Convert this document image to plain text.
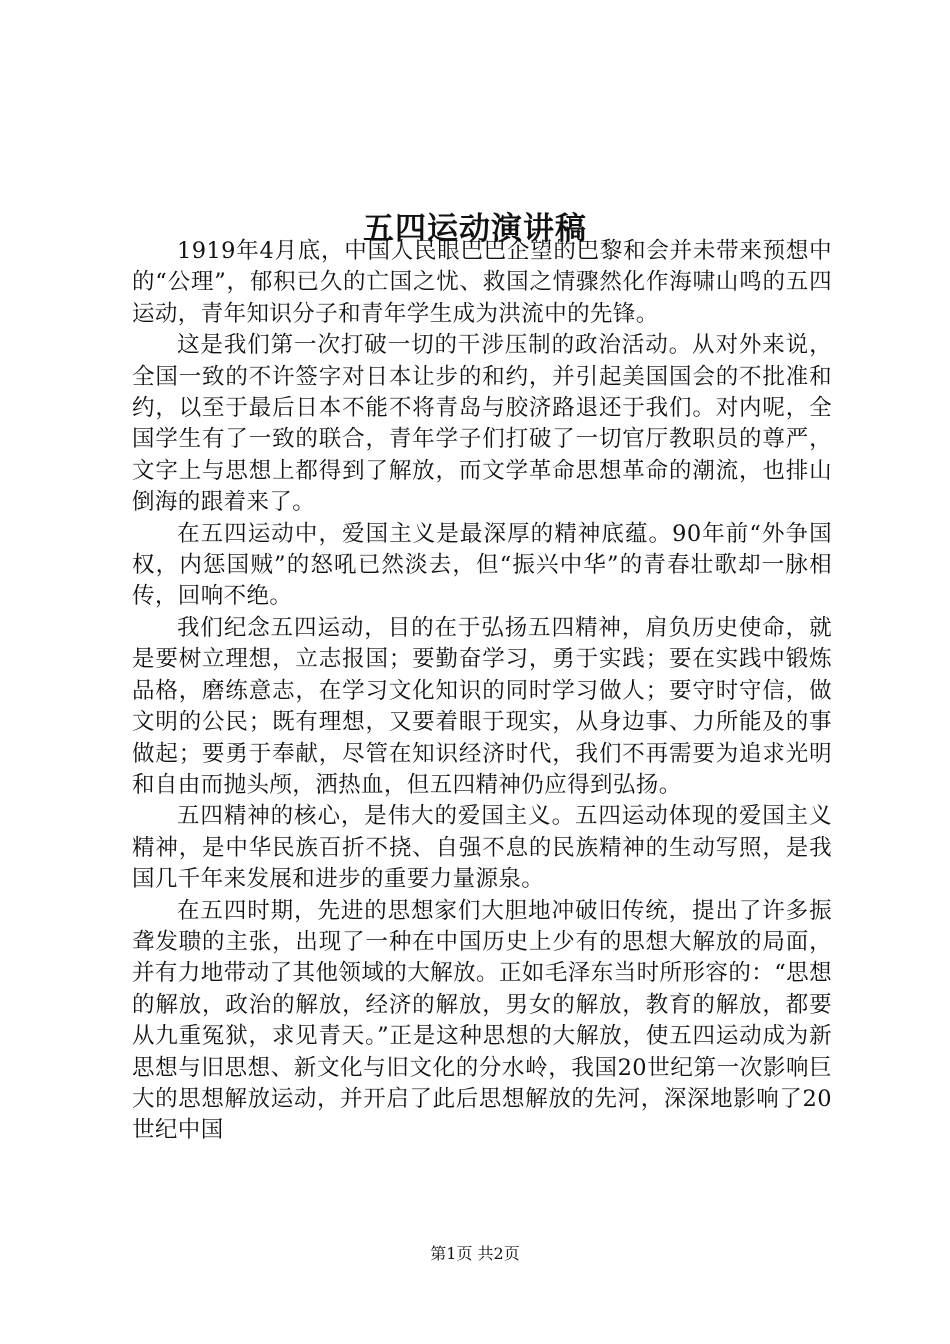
五四运动演讲稿

1919年4月底，中国人民眼巴巴企望的巴黎和会并未带来预想中的“公理”，郁积已久的亡国之忧、救国之情骤然化作海啸山鸣的五四运动，青年知识分子和青年学生成为洪流中的先锋。

这是我们第一次打破一切的干涉压制的政治活动。从对外来说，全国一致的不许签字对日本让步的和约，并引起美国国会的不批准和约，以至于最后日本不能不将青岛与胶济路退还于我们。对内呢，全国学生有了一致的联合，青年学子们打破了一切官厅教职员的尊严，文字上与思想上都得到了解放，而文学革命思想革命的潮流，也排山倒海的跟着来了。

在五四运动中，爱国主义是最深厚的精神底蕴。90年前“外争国权，内惩国贼”的怒吼已然淡去，但“振兴中华”的青春壮歌却一脉相传，回响不绝。

我们纪念五四运动，目的在于弘扬五四精神，肩负历史使命，就是要树立理想，立志报国；要勤奋学习，勇于实践；要在实践中锻炼品格，磨练意志，在学习文化知识的同时学习做人；要守时守信，做文明的公民；既有理想，又要着眼于现实，从身边事、力所能及的事做起；要勇于奉献，尽管在知识经济时代，我们不再需要为追求光明和自由而抛头颅，洒热血，但五四精神仍应得到弘扬。

五四精神的核心，是伟大的爱国主义。五四运动体现的爱国主义精神，是中华民族百折不挠、自强不息的民族精神的生动写照，是我国几千年来发展和进步的重要力量源泉。

在五四时期，先进的思想家们大胆地冲破旧传统，提出了许多振聋发聩的主张，出现了一种在中国历史上少有的思想大解放的局面，并有力地带动了其他领域的大解放。正如毛泽东当时所形容的：“思想的解放，政治的解放，经济的解放，男女的解放，教育的解放，都要从九重冤狱，求见青天。”正是这种思想的大解放，使五四运动成为新思想与旧思想、新文化与旧文化的分水岭，我国20世纪第一次影响巨大的思想解放运动，并开启了此后思想解放的先河，深深地影响了20世纪中国

第1页 共2页
